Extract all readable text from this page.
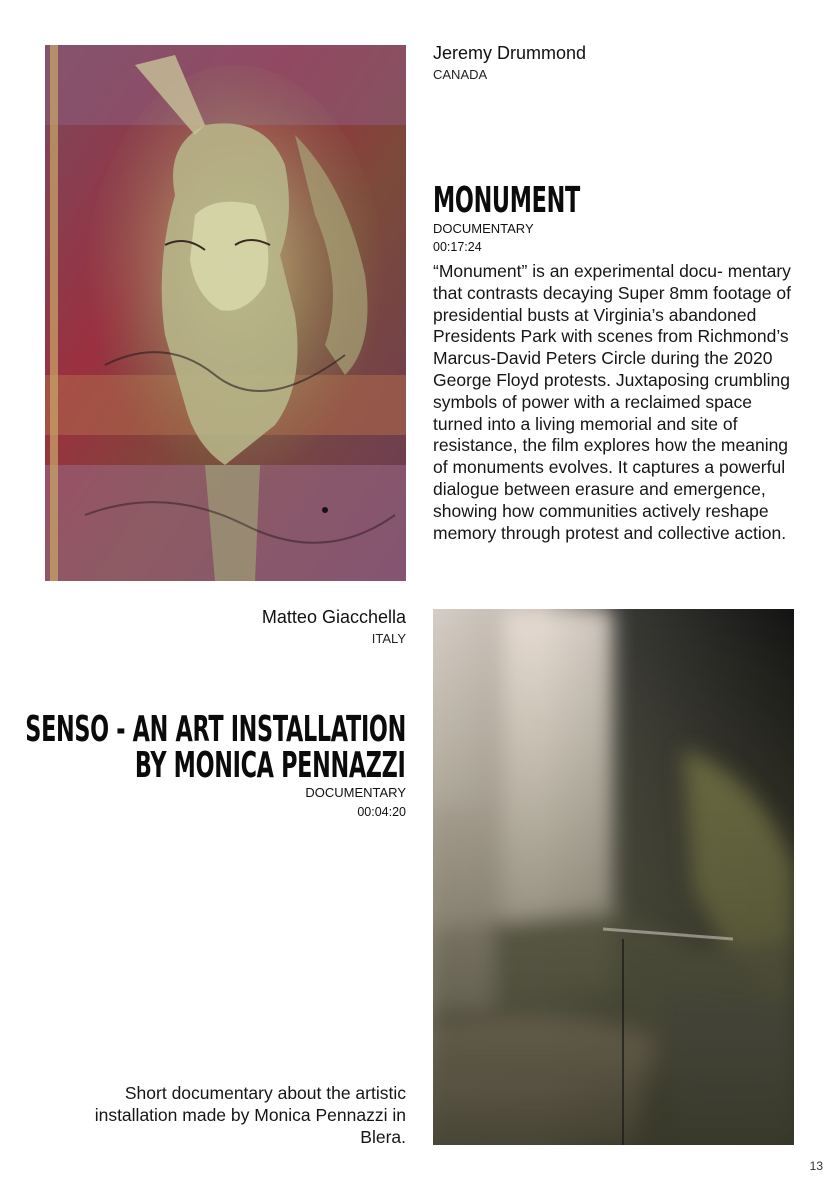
Jeremy Drummond
CANADA
MONUMENT
DOCUMENTARY
00:17:24
“Monument” is an experimental docu- mentary that contrasts decaying Super 8mm footage of presidential busts at Virginia’s abandoned Presidents Park with scenes from Richmond’s Marcus-David Peters Circle during the 2020 George Floyd protests. Juxtaposing crumbling symbols of power with a reclaimed space turned into a living memorial and site of resistance, the film explores how the meaning of monuments evolves. It captures a powerful dialogue between erasure and emergence, showing how communities actively reshape memory through protest and collective action.
Matteo Giacchella
ITALY
SENSO - AN ART INSTALLATION
BY MONICA PENNAZZI
DOCUMENTARY
00:04:20
Short documentary about the artistic installation made by Monica Pennazzi in Blera.
13
